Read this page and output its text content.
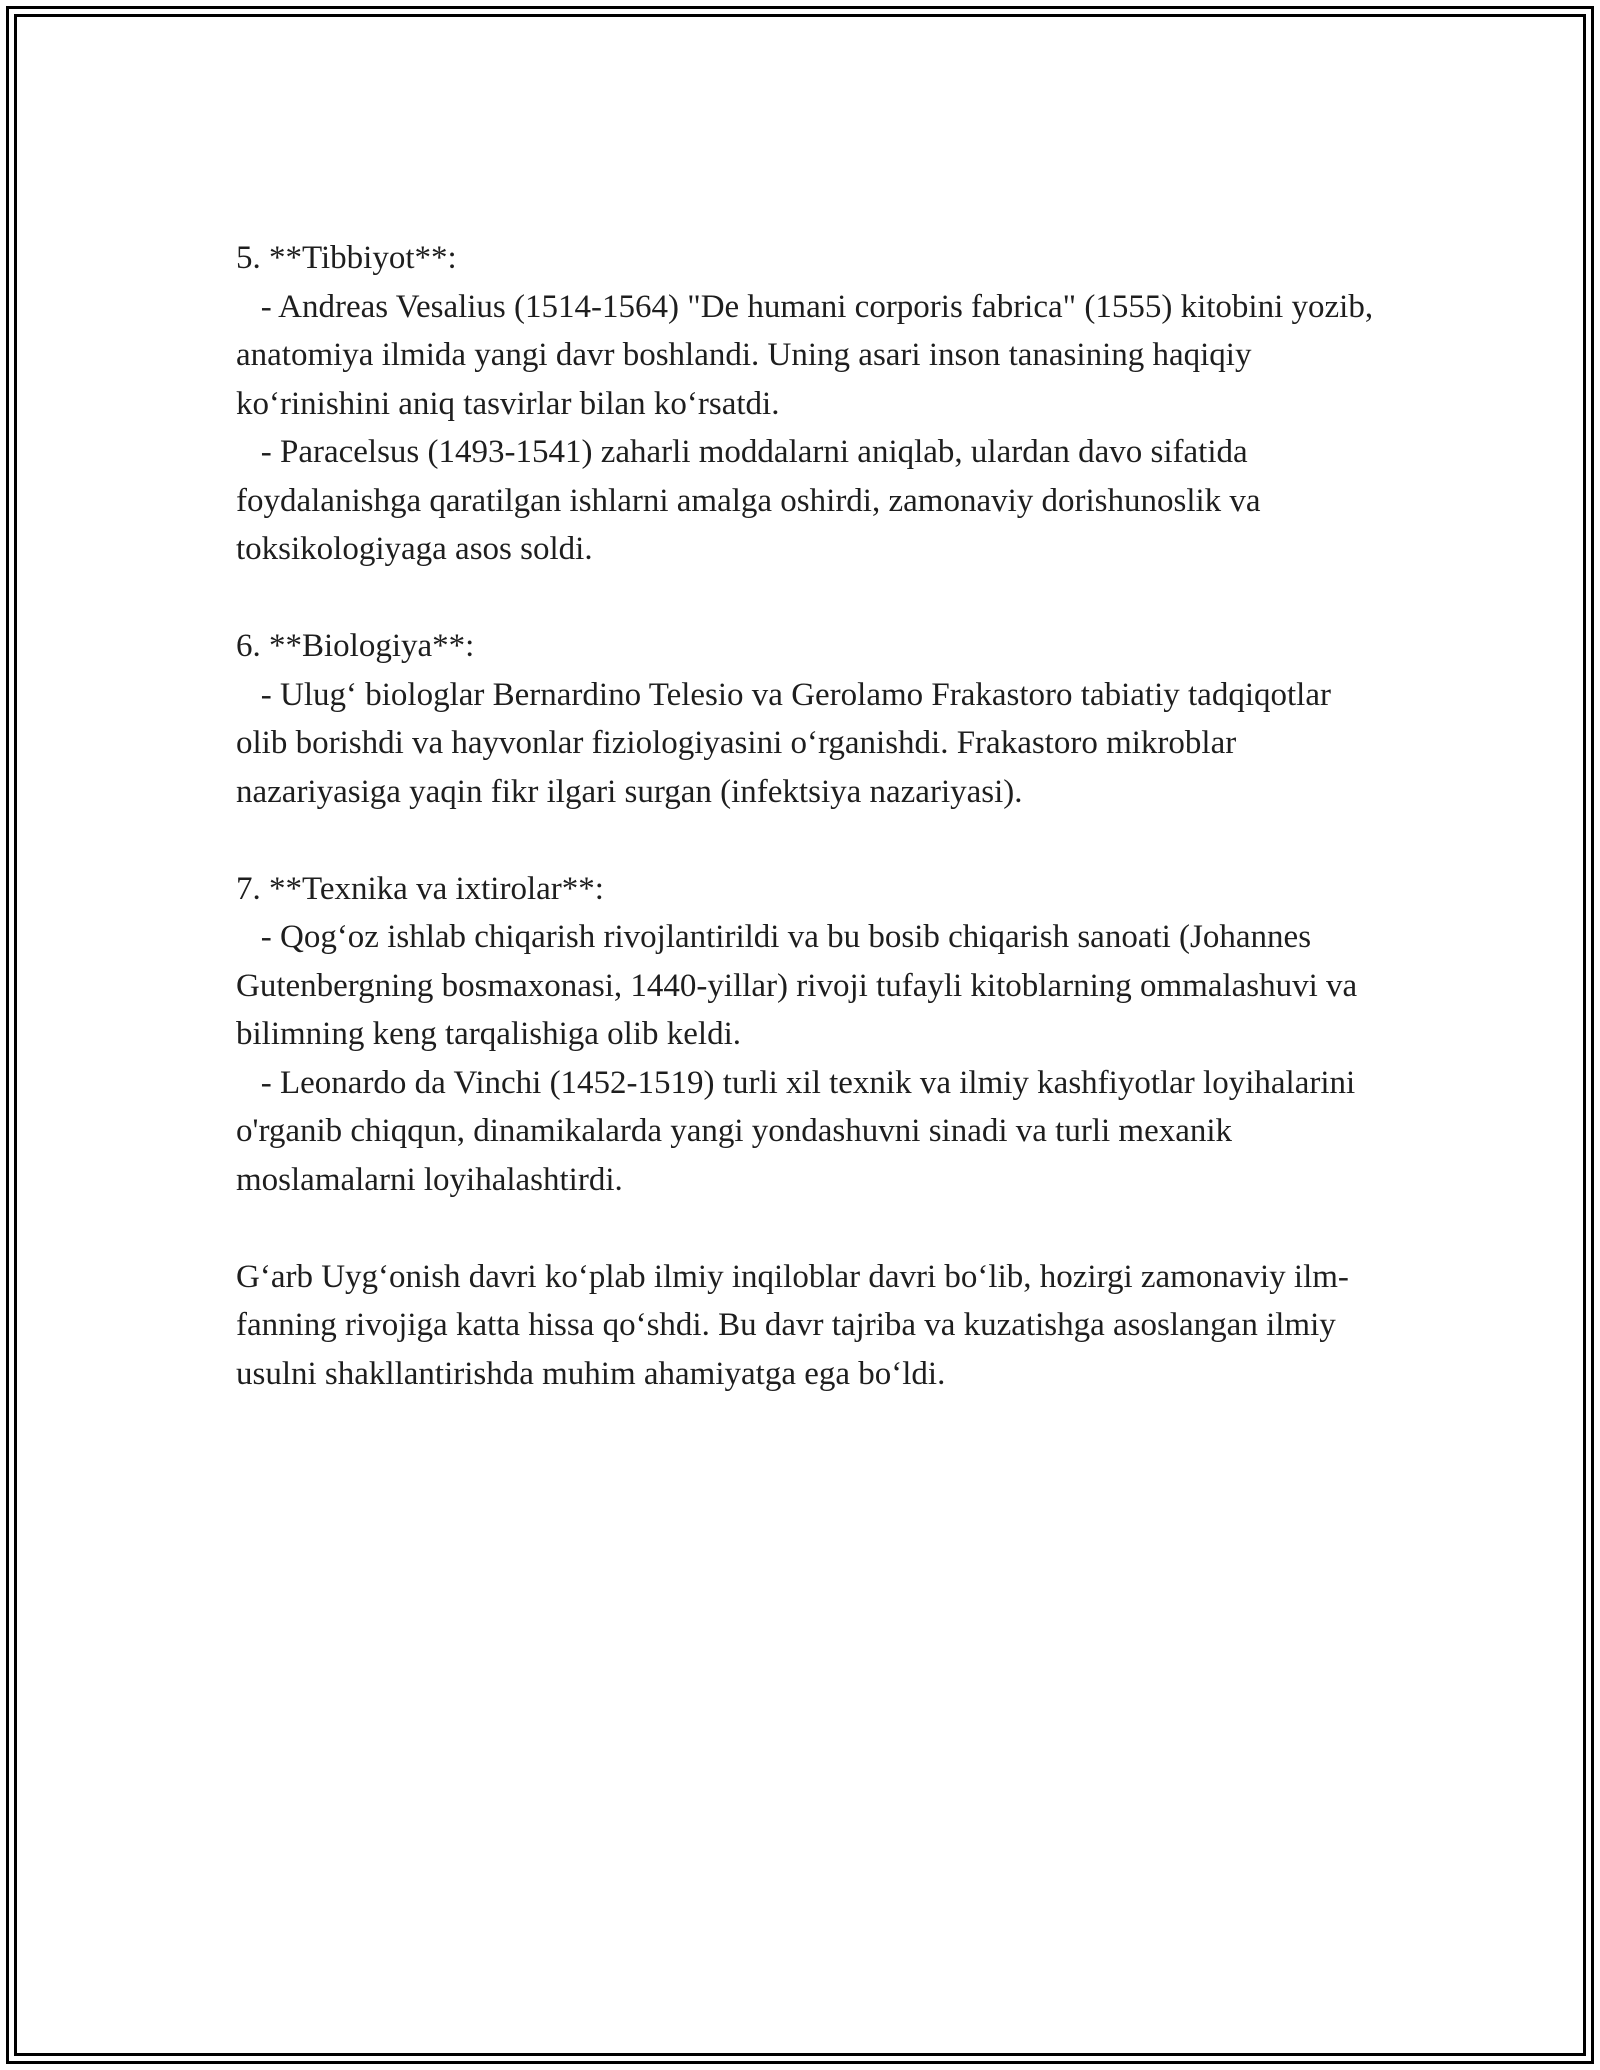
5. **Tibbiyot**:

- Andreas Vesalius (1514-1564) "De humani corporis fabrica" (1555) kitobini yozib, anatomiya ilmida yangi davr boshlandi. Uning asari inson tanasining haqiqiy ko‘rinishini aniq tasvirlar bilan ko‘rsatdi.

- Paracelsus (1493-1541) zaharli moddalarni aniqlab, ulardan davo sifatida foydalanishga qaratilgan ishlarni amalga oshirdi, zamonaviy dorishunoslik va toksikologiyaga asos soldi.

6. **Biologiya**:

- Ulug‘ biologlar Bernardino Telesio va Gerolamo Frakastoro tabiatiy tadqiqotlar olib borishdi va hayvonlar fiziologiyasini o‘rganishdi. Frakastoro mikroblar nazariyasiga yaqin fikr ilgari surgan (infektsiya nazariyasi).

7. **Texnika va ixtirolar**:

- Qog‘oz ishlab chiqarish rivojlantirildi va bu bosib chiqarish sanoati (Johannes Gutenbergning bosmaxonasi, 1440-yillar) rivoji tufayli kitoblarning ommalashuvi va bilimning keng tarqalishiga olib keldi.

- Leonardo da Vinchi (1452-1519) turli xil texnik va ilmiy kashfiyotlar loyihalarini o'rganib chiqqun, dinamikalarda yangi yondashuvni sinadi va turli mexanik moslamalarni loyihalashtirdi.

G‘arb Uyg‘onish davri ko‘plab ilmiy inqiloblar davri bo‘lib, hozirgi zamonaviy ilm-fanning rivojiga katta hissa qo‘shdi. Bu davr tajriba va kuzatishga asoslangan ilmiy usulni shakllantirishda muhim ahamiyatga ega bo‘ldi.
